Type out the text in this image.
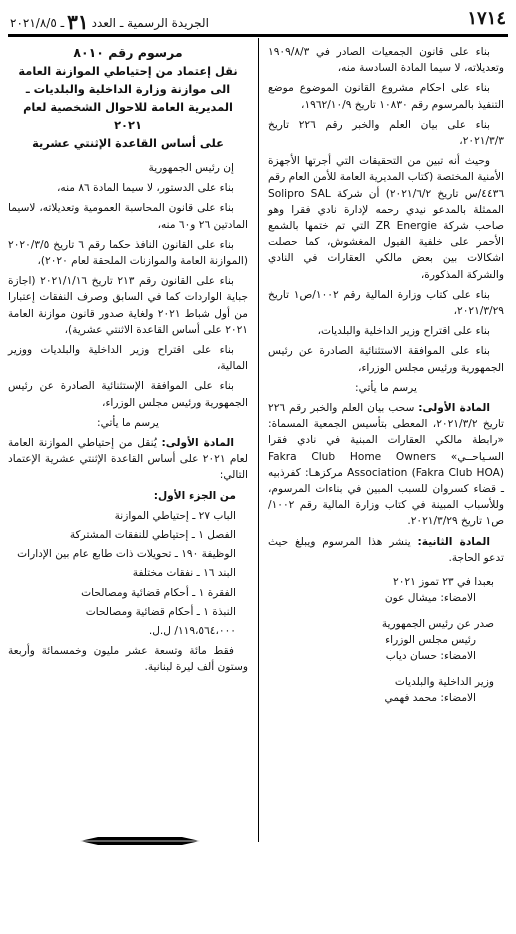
١٧١٤
الجريدة الرسمية ـ العدد٣١ـ ٢٠٢١/٨/٥

بناء على قانون الجمعيات الصادر في ١٩٠٩/٨/٣ وتعديلاته، لا سيما المادة السادسة منه،

بناء على احكام مشروع القانون الموضوع موضع التنفيذ بالمرسوم رقم ١٠٨٣٠ تاريخ ١٩٦٢/١٠/٩،

بناء على بيان العلم والخبر رقم ٢٢٦ تاريخ ٢٠٢١/٣/٣،

وحيث أنه تبين من التحقيقات التي أجرتها الأجهزة الأمنية المختصة (كتاب المديرية العامة للأمن العام رقم ٤٤٣٦/س تاريخ ٢٠٢١/٦/٢) أن شركة Solipro SAL الممثلة بالمدعو نيدي رحمه لإدارة نادي فقرا وهو صاحب شركة ZR Energie التي تم ختمها بالشمع الأحمر على خلفية الفيول المغشوش، كما حصلت اشكالات بين بعض مالكي العقارات في النادي والشركة المذكورة،

بناء على كتاب وزارة المالية رقم ١٠٠٢/ص١ تاريخ ٢٠٢١/٣/٢٩،

بناء على اقتراح وزير الداخلية والبلديات،

بناء على الموافقة الاستثنائية الصادرة عن رئيس الجمهورية ورئيس مجلس الوزراء،

يرسم ما يأتي:

المادة الأولى: سحب بيان العلم والخبر رقم ٢٢٦ تاريخ ٢٠٢١/٣/٢، المعطى بتأسيس الجمعية المسماة: «رابطة مالكي العقارات المبنية في نادي فقرا السـياحــي» Fakra Club Home Owners Association (Fakra Club HOA) مركزهـا: كفرذبيه ـ قضاء كسروان للسبب المبين في بناءات المرسوم، وللأسباب المبينة في كتاب وزارة المالية رقم ١٠٠٢/ص١ تاريخ ٢٠٢١/٣/٢٩.

المادة الثانية: ينشر هذا المرسوم ويبلغ حيث تدعو الحاجة.

بعبدا في ٢٣ تموز ٢٠٢١
الامضاء: ميشال عون
صدر عن رئيس الجمهورية
رئيس مجلس الوزراء
الامضاء: حسان دياب
وزير الداخلية والبلديات
الامضاء: محمد فهمي
مرسوم رقم ٨٠١٠
نقل إعتماد من إحتياطي الموازنة العامة
الى موازنة وزارة الداخلية والبلديات ـ
المديرية العامة للاحوال الشخصية لعام ٢٠٢١
على أساس القاعدة الإثنتي عشرية

إن رئيس الجمهورية

بناء على الدستور، لا سيما المادة ٨٦ منه،

بناء على قانون المحاسبة العمومية وتعديلاته، لاسيما المادتين ٢٦ و٦٠ منه،

بناء على القانون النافذ حكما رقم ٦ تاريخ ٢٠٢٠/٣/٥ (الموازنة العامة والموازنات الملحقة لعام ٢٠٢٠)،

بناء على القانون رقم ٢١٣ تاريخ ٢٠٢١/١/١٦ (اجازة جباية الواردات كما في السابق وصرف النفقات إعتبارا من أول شباط ٢٠٢١ ولغاية صدور قانون موازنة العامة ٢٠٢١ على أساس القاعدة الاثنتي عشرية)،

بناء على اقتراح وزير الداخلية والبلديات ووزير المالية،

بناء على الموافقة الإستثنائية الصادرة عن رئيس الجمهورية ورئيس مجلس الوزراء،

يرسم ما يأتي:

المادة الأولى: يُنقل من إحتياطي الموازنة العامة لعام ٢٠٢١ على أساس القاعدة الإثنتي عشرية الإعتماد التالي:

من الجزء الأول:
الباب ٢٧ ـ إحتياطي الموازنة
الفصل ١ ـ إحتياطي للنفقات المشتركة
الوظيفة ١٩٠ ـ تحويلات ذات طابع عام بين الإدارات
البند ١٦ ـ نفقات مختلفة
الفقرة ١ ـ أحكام قضائية ومصالحات
النبذة ١ ـ أحكام قضائية ومصالحات
١١٩،٥٦٤،٠٠٠/ ل.ل.

فقط مائة وتسعة عشر مليون وخمسمائة وأربعة وستون ألف ليرة لبنانية.
